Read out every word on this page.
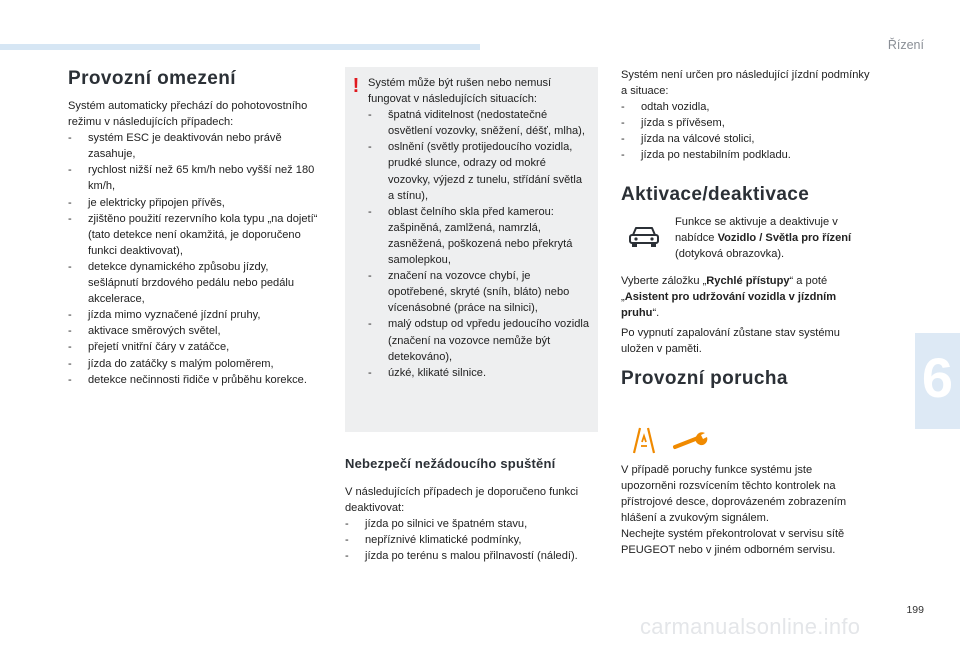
Řízení
6
Provozní omezení

Systém automaticky přechází do pohotovostního režimu v následujících případech:

- systém ESC je deaktivován nebo právě zasahuje,
- rychlost nižší než 65 km/h nebo vyšší než 180 km/h,
- je elektricky připojen přívěs,
- zjištěno použití rezervního kola typu „na dojetí“ (tato detekce není okamžitá, je doporučeno funkci deaktivovat),
- detekce dynamického způsobu jízdy, sešlápnutí brzdového pedálu nebo pedálu akcelerace,
- jízda mimo vyznačené jízdní pruhy,
- aktivace směrových světel,
- přejetí vnitřní čáry v zatáčce,
- jízda do zatáčky s malým poloměrem,
- detekce nečinnosti řidiče v průběhu korekce.
! Systém může být rušen nebo nemusí fungovat v následujících situacích:

- špatná viditelnost (nedostatečné osvětlení vozovky, sněžení, déšť, mlha),
- oslnění (světly protijedoucího vozidla, prudké slunce, odrazy od mokré vozovky, výjezd z tunelu, střídání světla a stínu),
- oblast čelního skla před kamerou: zašpiněná, zamlžená, namrzlá, zasněžená, poškozená nebo překrytá samolepkou,
- značení na vozovce chybí, je opotřebené, skryté (sníh, bláto) nebo vícenásobné (práce na silnici),
- malý odstup od vpředu jedoucího vozidla (značení na vozovce nemůže být detekováno),
- úzké, klikaté silnice.
Nebezpečí nežádoucího spuštění

V následujících případech je doporučeno funkci deaktivovat:

- jízda po silnici ve špatném stavu,
- nepříznivé klimatické podmínky,
- jízda po terénu s malou přilnavostí (náledí).

Systém není určen pro následující jízdní podmínky a situace:

- odtah vozidla,
- jízda s přívěsem,
- jízda na válcové stolici,
- jízda po nestabilním podkladu.
Aktivace/deaktivace
Funkce se aktivuje a deaktivuje v nabídce Vozidlo / Světla pro řízení (dotyková obrazovka).
Vyberte záložku „Rychlé přístupy“ a poté „Asistent pro udržování vozidla v jízdním pruhu“.
Po vypnutí zapalování zůstane stav systému uložen v paměti.
Provozní porucha

V případě poruchy funkce systému jste upozorněni rozsvícením těchto kontrolek na přístrojové desce, doprovázeném zobrazením hlášení a zvukovým signálem.

Nechejte systém překontrolovat v servisu sítě PEUGEOT nebo v jiném odborném servisu.

199
carmanualsonline.info
